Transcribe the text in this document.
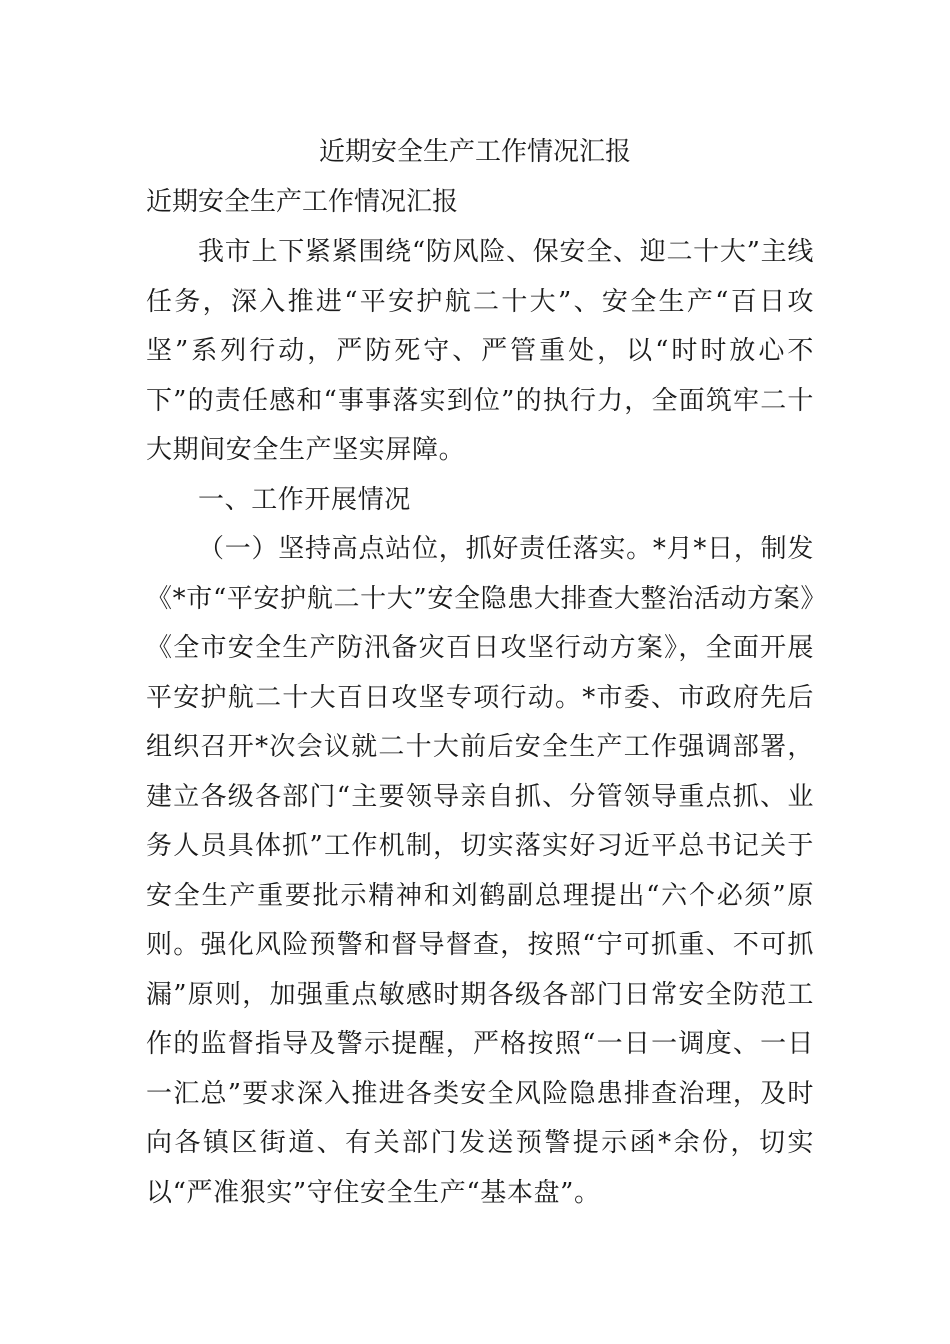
近期安全生产工作情况汇报
近期安全生产工作情况汇报

我市上下紧紧围绕“防风险、保安全、迎二十大”主线任务，深入推进“平安护航二十大”、安全生产“百日攻坚”系列行动，严防死守、严管重处，以“时时放心不下”的责任感和“事事落实到位”的执行力，全面筑牢二十大期间安全生产坚实屏障。

一、工作开展情况

（一）坚持高点站位，抓好责任落实。*月*日，制发《*市“平安护航二十大”安全隐患大排查大整治活动方案》《全市安全生产防汛备灾百日攻坚行动方案》，全面开展平安护航二十大百日攻坚专项行动。*市委、市政府先后组织召开*次会议就二十大前后安全生产工作强调部署，建立各级各部门“主要领导亲自抓、分管领导重点抓、业务人员具体抓”工作机制，切实落实好习近平总书记关于安全生产重要批示精神和刘鹤副总理提出“六个必须”原则。强化风险预警和督导督查，按照“宁可抓重、不可抓漏”原则，加强重点敏感时期各级各部门日常安全防范工作的监督指导及警示提醒，严格按照“一日一调度、一日一汇总”要求深入推进各类安全风险隐患排查治理，及时向各镇区街道、有关部门发送预警提示函*余份，切实以“严准狠实”守住安全生产“基本盘”。
